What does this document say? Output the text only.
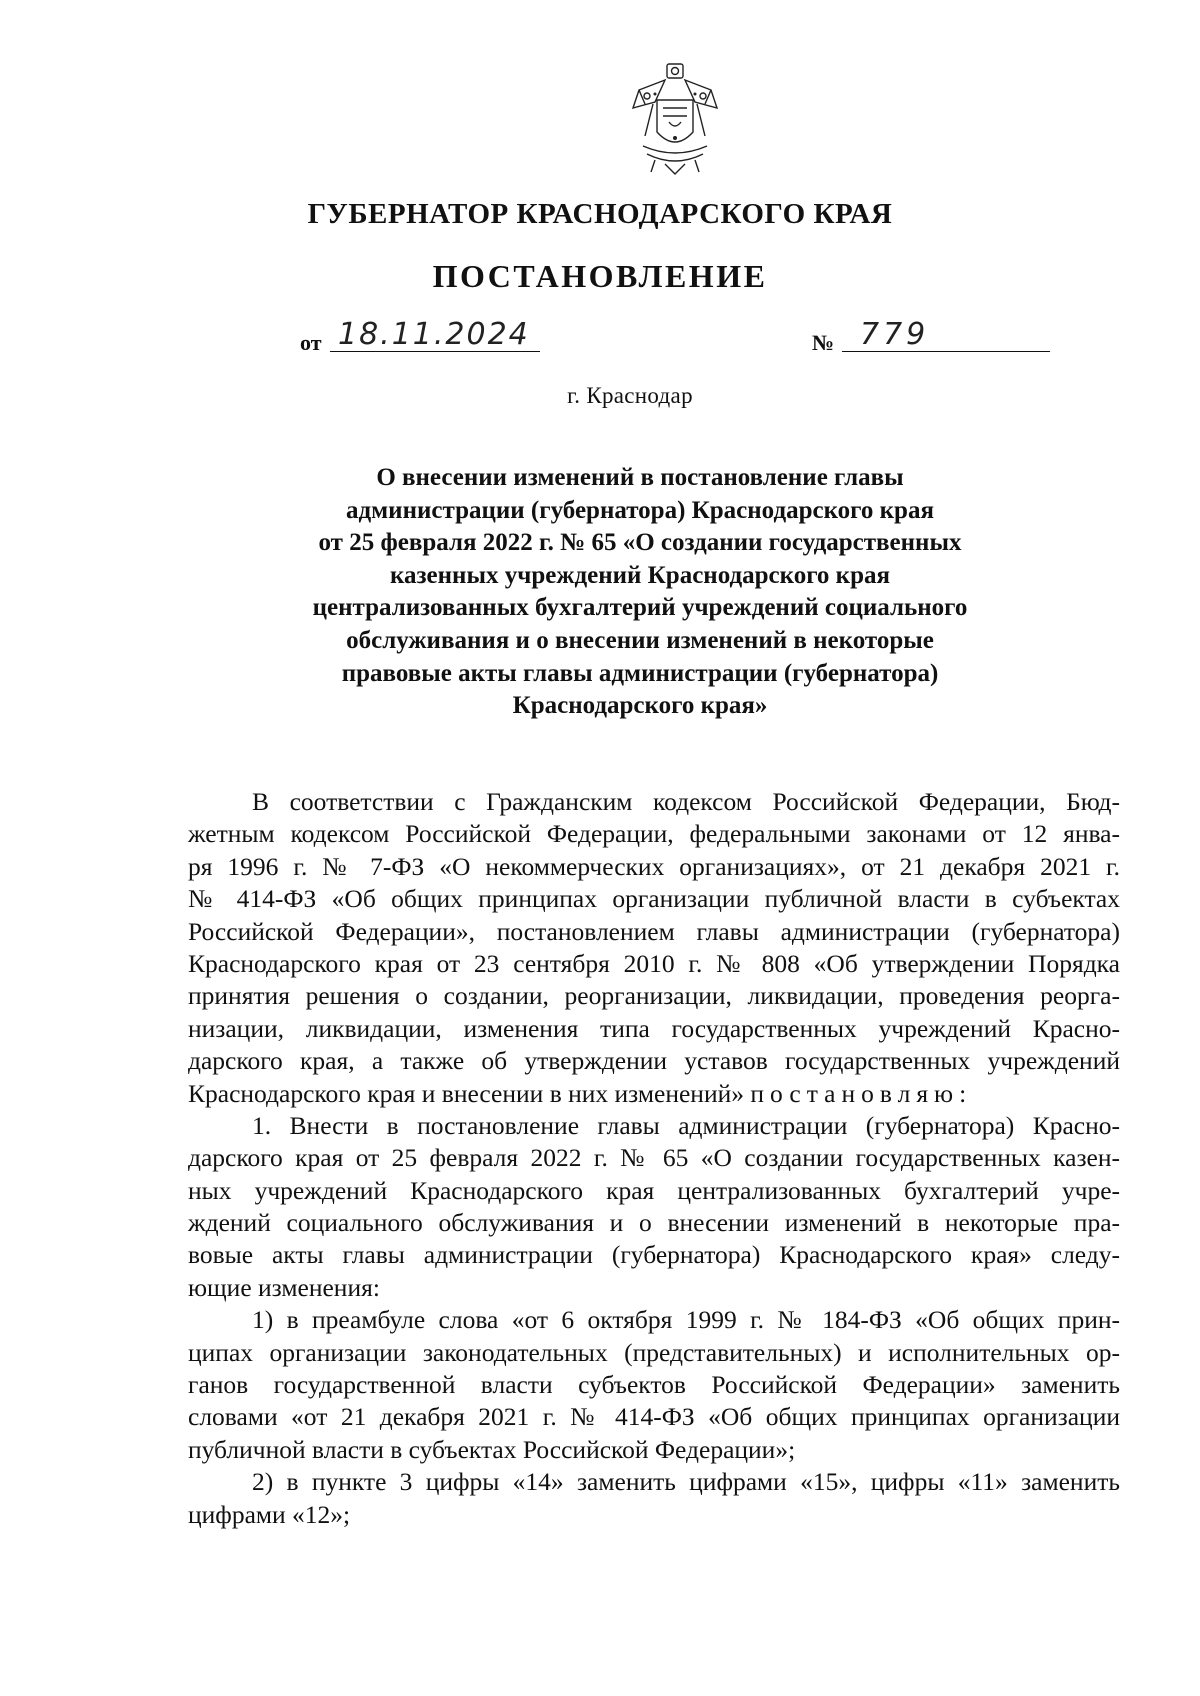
ГУБЕРНАТОР КРАСНОДАРСКОГО КРАЯ
ПОСТАНОВЛЕНИЕ
от 18.11.2024	№ 779
г. Краснодар
О внесении изменений в постановление главы
администрации (губернатора) Краснодарского края
от 25 февраля 2022 г. № 65 «О создании государственных
казенных учреждений Краснодарского края
централизованных бухгалтерий учреждений социального
обслуживания и о внесении изменений в некоторые
правовые акты главы администрации (губернатора)
Краснодарского края»
В соответствии с Гражданским кодексом Российской Федерации, Бюд-
жетным кодексом Российской Федерации, федеральными законами от 12 янва-
ря 1996 г. № 7-ФЗ «О некоммерческих организациях», от 21 декабря 2021 г.
№ 414-ФЗ «Об общих принципах организации публичной власти в субъектах
Российской Федерации», постановлением главы администрации (губернатора)
Краснодарского края от 23 сентября 2010 г. № 808 «Об утверждении Порядка
принятия решения о создании, реорганизации, ликвидации, проведения реорга-
низации, ликвидации, изменения типа государственных учреждений Красно-
дарского края, а также об утверждении уставов государственных учреждений
Краснодарского края и внесении в них изменений» постановляю:
1. Внести в постановление главы администрации (губернатора) Красно-
дарского края от 25 февраля 2022 г. № 65 «О создании государственных казен-
ных учреждений Краснодарского края централизованных бухгалтерий учре-
ждений социального обслуживания и о внесении изменений в некоторые пра-
вовые акты главы администрации (губернатора) Краснодарского края» следу-
ющие изменения:
1) в преамбуле слова «от 6 октября 1999 г. № 184-ФЗ «Об общих прин-
ципах организации законодательных (представительных) и исполнительных ор-
ганов государственной власти субъектов Российской Федерации» заменить
словами «от 21 декабря 2021 г. № 414-ФЗ «Об общих принципах организации
публичной власти в субъектах Российской Федерации»;
2) в пункте 3 цифры «14» заменить цифрами «15», цифры «11» заменить
цифрами «12»;
